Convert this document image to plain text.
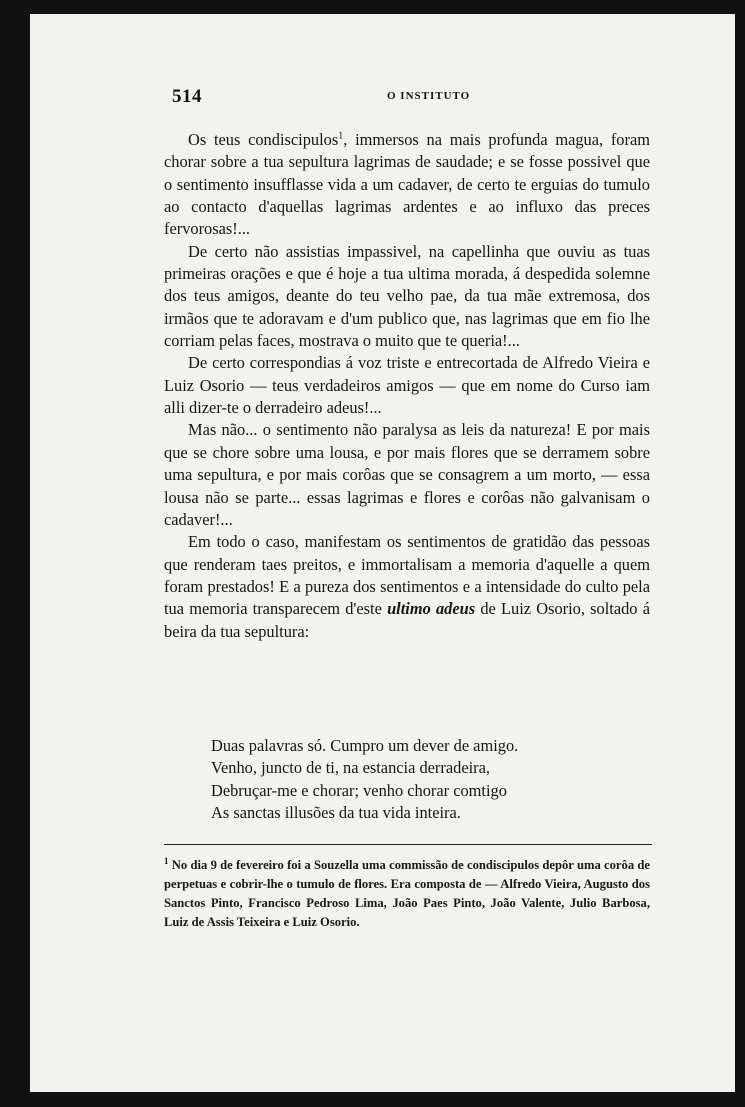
514	O INSTITUTO

Os teus condiscipulos$^1$, immersos na mais profunda magua, foram chorar sobre a tua sepultura lagrimas de saudade; e se fosse possivel que o sentimento insufflasse vida a um cadaver, de certo te erguias do tumulo ao contacto d'aquellas lagrimas ardentes e ao influxo das preces fervorosas!...

De certo não assistias impassivel, na capellinha que ouviu as tuas primeiras orações e que é hoje a tua ultima morada, á despedida solemne dos teus amigos, deante do teu velho pae, da tua mãe extremosa, dos irmãos que te adoravam e d'um publico que, nas lagrimas que em fio lhe corriam pelas faces, mostrava o muito que te queria!...

De certo correspondias á voz triste e entrecortada de Alfredo Vieira e Luiz Osorio — teus verdadeiros amigos — que em nome do Curso iam alli dizer-te o derradeiro adeus!...

Mas não... o sentimento não paralysa as leis da natureza! E por mais que se chore sobre uma lousa, e por mais flores que se derramem sobre uma sepultura, e por mais corôas que se consagrem a um morto, — essa lousa não se parte... essas lagrimas e flores e corôas não galvanisam o cadaver!...

Em todo o caso, manifestam os sentimentos de gratidão das pessoas que renderam taes preitos, e immortalisam a memoria d'aquelle a quem foram prestados! E a pureza dos sentimentos e a intensidade do culto pela tua memoria transparecem d'este ultimo adeus de Luiz Osorio, soltado á beira da tua sepultura:

Duas palavras só. Cumpro um dever de amigo.
Venho, juncto de ti, na estancia derradeira,
Debruçar-me e chorar; venho chorar comtigo
As sanctas illusões da tua vida inteira.
$^1$ No dia 9 de fevereiro foi a Souzella uma commissão de condiscipulos depôr uma corôa de perpetuas e cobrir-lhe o tumulo de flores. Era composta de — Alfredo Vieira, Augusto dos Sanctos Pinto, Francisco Pedroso Lima, João Paes Pinto, João Valente, Julio Barbosa, Luiz de Assis Teixeira e Luiz Osorio.
